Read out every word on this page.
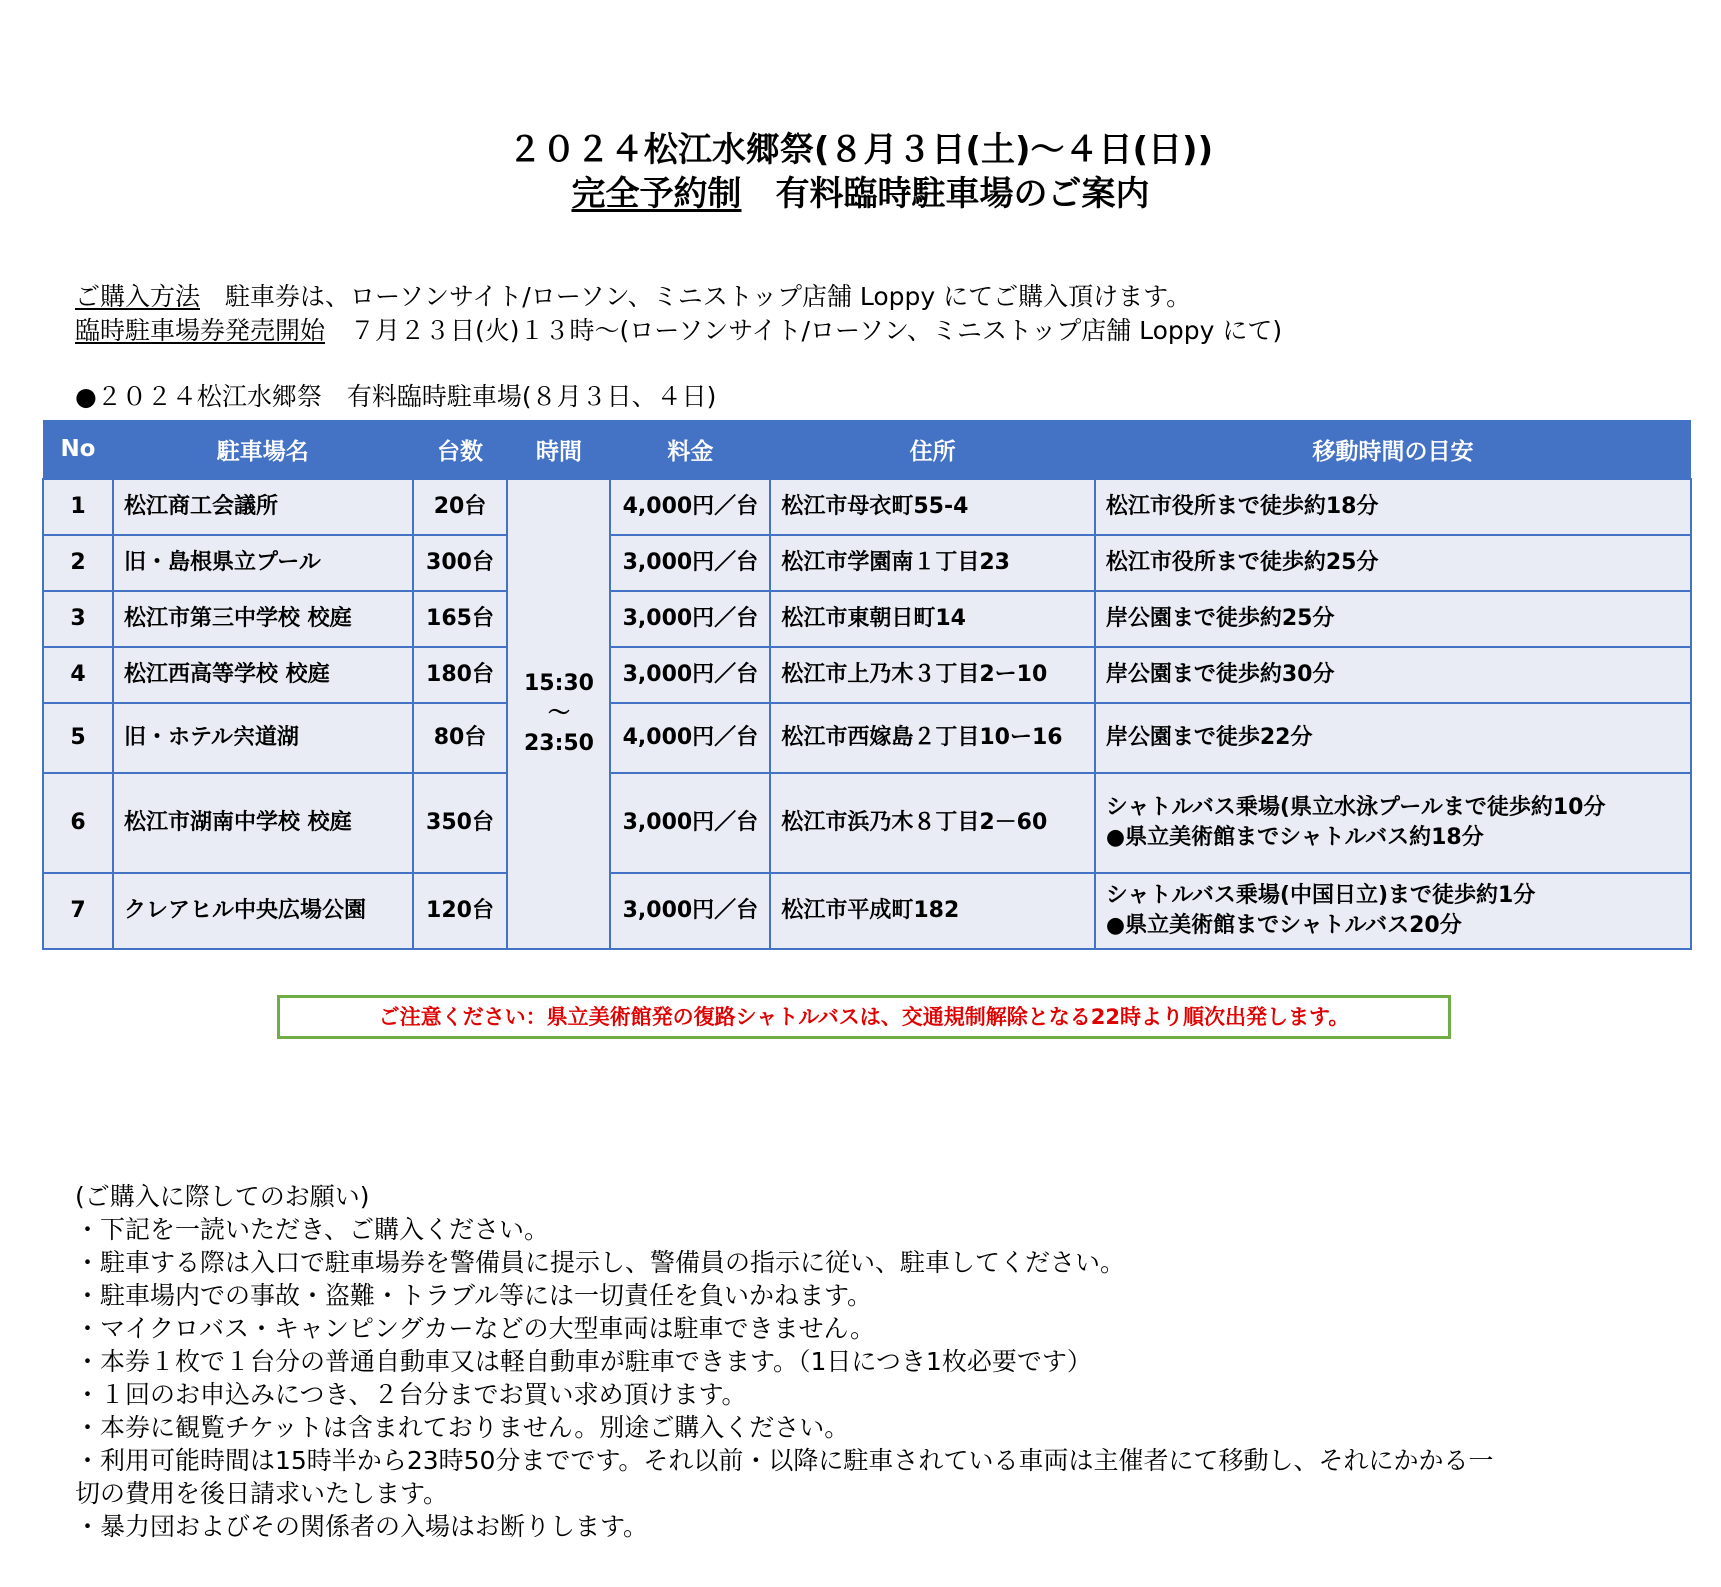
２０２４松江水郷祭(８月３日(土)～４日(日))
完全予約制　有料臨時駐車場のご案内
ご購入方法　駐車券は、ローソンサイト/ローソン、ミニストップ店舗 Loppy にてご購入頂けます。
臨時駐車場券発売開始　７月２３日(火)１３時～(ローソンサイト/ローソン、ミニストップ店舗 Loppy にて)
●２０２４松江水郷祭　有料臨時駐車場(８月３日、４日)
No	駐車場名	台数	時間	料金	住所	移動時間の目安
1	松江商工会議所	20台	15:30
～
23:50	4,000円／台	松江市母衣町55-4	松江市役所まで徒歩約18分

2	旧・島根県立プール	300台		3,000円／台	松江市学園南１丁目23	松江市役所まで徒歩約25分

3	松江市第三中学校 校庭	165台		3,000円／台	松江市東朝日町14	岸公園まで徒歩約25分

4	松江西高等学校 校庭	180台		3,000円／台	松江市上乃木３丁目2ー10	岸公園まで徒歩約30分

5	旧・ホテル宍道湖	80台		4,000円／台	松江市西嫁島２丁目10ー16	岸公園まで徒歩22分

6	松江市湖南中学校 校庭	350台		3,000円／台	松江市浜乃木８丁目2－60	シャトルバス乗場(県立水泳プールまで徒歩約10分
●県立美術館までシャトルバス約18分

7	クレアヒル中央広場公園	120台		3,000円／台	松江市平成町182	シャトルバス乗場(中国日立)まで徒歩約1分
●県立美術館までシャトルバス20分
ご注意ください：県立美術館発の復路シャトルバスは、交通規制解除となる22時より順次出発します。
(ご購入に際してのお願い)
・下記を一読いただき、ご購入ください。
・駐車する際は入口で駐車場券を警備員に提示し、警備員の指示に従い、駐車してください。
・駐車場内での事故・盗難・トラブル等には一切責任を負いかねます。
・マイクロバス・キャンピングカーなどの大型車両は駐車できません。
・本券１枚で１台分の普通自動車又は軽自動車が駐車できます。（1日につき1枚必要です）
・１回のお申込みにつき、２台分までお買い求め頂けます。
・本券に観覧チケットは含まれておりません。別途ご購入ください。
・利用可能時間は15時半から23時50分までです。それ以前・以降に駐車されている車両は主催者にて移動し、それにかかる一
切の費用を後日請求いたします。
・暴力団およびその関係者の入場はお断りします。
